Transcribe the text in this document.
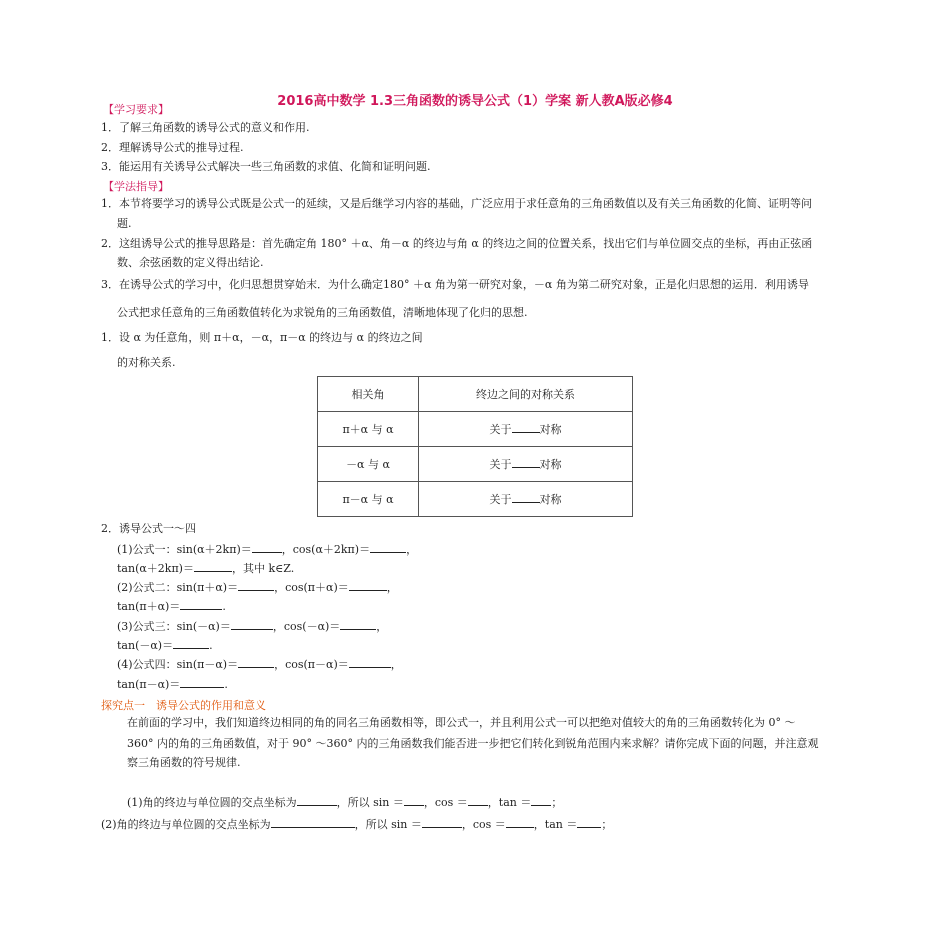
2016高中数学 1.3三角函数的诱导公式（1）学案 新人教A版必修4
【学习要求】
1．了解三角函数的诱导公式的意义和作用.
2．理解诱导公式的推导过程.
3．能运用有关诱导公式解决一些三角函数的求值、化简和证明问题.
【学法指导】
1．本节将要学习的诱导公式既是公式一的延续，又是后继学习内容的基础，广泛应用于求任意角的三角函数值以及有关三角函数的化简、证明等问
题.
2．这组诱导公式的推导思路是：首先确定角 180° ＋α、角－α 的终边与角 α 的终边之间的位置关系，找出它们与单位圆交点的坐标，再由正弦函
数、余弦函数的定义得出结论.
3．在诱导公式的学习中，化归思想贯穿始末．为什么确定180° ＋α 角为第一研究对象，－α 角为第二研究对象，正是化归思想的运用．利用诱导
公式把求任意角的三角函数值转化为求锐角的三角函数值，清晰地体现了化归的思想.
1．设 α 为任意角，则 π＋α，－α，π－α 的终边与 α 的终边之间
的对称关系.
相关角	终边之间的对称关系
π＋α 与 α	关于 对称
－α 与 α	关于 对称
π－α 与 α	关于 对称
2．诱导公式一～四
(1)公式一：sin(α＋2kπ)＝	，cos(α＋2kπ)＝	，
tan(α＋2kπ)＝	，其中 k∈Z.
(2)公式二：sin(π＋α)＝	，cos(π＋α)＝	，
tan(π＋α)＝	.
(3)公式三：sin(－α)＝	，cos(－α)＝	，
tan(－α)＝	.
(4)公式四：sin(π－α)＝	，cos(π－α)＝	，
tan(π－α)＝	.
探究点一　诱导公式的作用和意义
在前面的学习中，我们知道终边相同的角的同名三角函数相等，即公式一，并且利用公式一可以把绝对值较大的角的三角函数转化为 0° ～
360° 内的角的三角函数值，对于 90° ～360° 内的三角函数我们能否进一步把它们转化到锐角范围内来求解？请你完成下面的问题，并注意观
察三角函数的符号规律.
(1)角的终边与单位圆的交点坐标为	，所以 sin ＝ ，cos ＝ ，tan ＝ ；
(2)角的终边与单位圆的交点坐标为	，所以 sin ＝	，cos ＝	，tan ＝ ；
